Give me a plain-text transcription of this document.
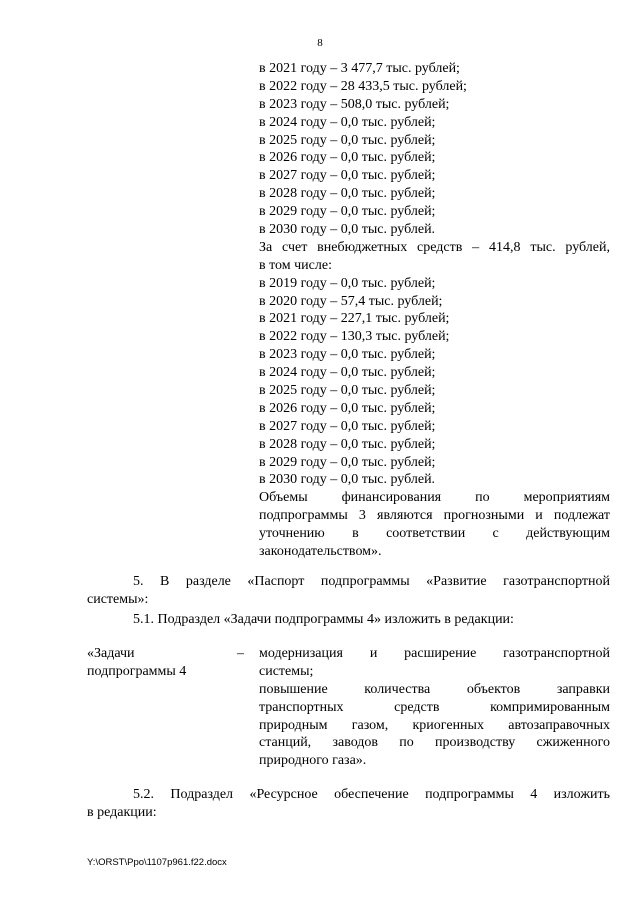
8
в 2021 году – 3 477,7 тыс. рублей;
в 2022 году – 28 433,5 тыс. рублей;
в 2023 году – 508,0 тыс. рублей;
в 2024 году – 0,0 тыс. рублей;
в 2025 году – 0,0 тыс. рублей;
в 2026 году – 0,0 тыс. рублей;
в 2027 году – 0,0 тыс. рублей;
в 2028 году – 0,0 тыс. рублей;
в 2029 году – 0,0 тыс. рублей;
в 2030 году – 0,0 тыс. рублей.
За счет внебюджетных средств – 414,8 тыс. рублей,
в том числе:
в 2019 году – 0,0 тыс. рублей;
в 2020 году – 57,4 тыс. рублей;
в 2021 году – 227,1 тыс. рублей;
в 2022 году – 130,3 тыс. рублей;
в 2023 году – 0,0 тыс. рублей;
в 2024 году – 0,0 тыс. рублей;
в 2025 году – 0,0 тыс. рублей;
в 2026 году – 0,0 тыс. рублей;
в 2027 году – 0,0 тыс. рублей;
в 2028 году – 0,0 тыс. рублей;
в 2029 году – 0,0 тыс. рублей;
в 2030 году – 0,0 тыс. рублей.
Объемы финансирования по мероприятиям
подпрограммы 3 являются прогнозными и подлежат
уточнению в соответствии с действующим
законодательством».
5. В разделе «Паспорт подпрограммы «Развитие газотранспортной
системы»:
5.1. Подраздел «Задачи подпрограммы 4» изложить в редакции:
«Задачи
подпрограммы 4
– модернизация и расширение газотранспортной
системы;
повышение количества объектов заправки
транспортных средств компримированным
природным газом, криогенных автозаправочных
станций, заводов по производству сжиженного
природного газа».
5.2. Подраздел «Ресурсное обеспечение подпрограммы 4 изложить
в редакции:
Y:\ORST\Ppo\1107p961.f22.docx
